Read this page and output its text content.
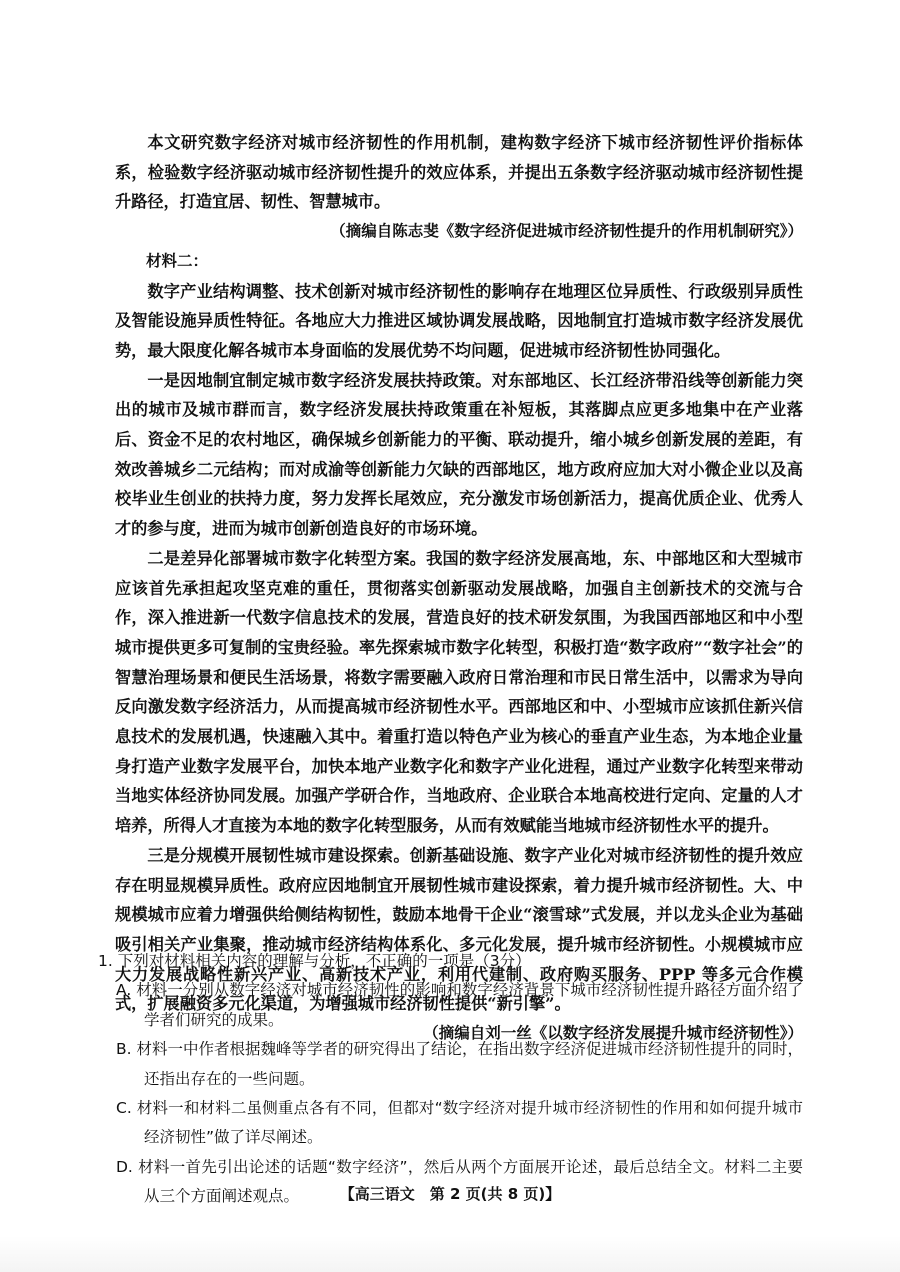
本文研究数字经济对城市经济韧性的作用机制，建构数字经济下城市经济韧性评价指标体系，检验数字经济驱动城市经济韧性提升的效应体系，并提出五条数字经济驱动城市经济韧性提升路径，打造宜居、韧性、智慧城市。

（摘编自陈志斐《数字经济促进城市经济韧性提升的作用机制研究》）

材料二：

数字产业结构调整、技术创新对城市经济韧性的影响存在地理区位异质性、行政级别异质性及智能设施异质性特征。各地应大力推进区域协调发展战略，因地制宜打造城市数字经济发展优势，最大限度化解各城市本身面临的发展优势不均问题，促进城市经济韧性协同强化。

一是因地制宜制定城市数字经济发展扶持政策。对东部地区、长江经济带沿线等创新能力突出的城市及城市群而言，数字经济发展扶持政策重在补短板，其落脚点应更多地集中在产业落后、资金不足的农村地区，确保城乡创新能力的平衡、联动提升，缩小城乡创新发展的差距，有效改善城乡二元结构；而对成渝等创新能力欠缺的西部地区，地方政府应加大对小微企业以及高校毕业生创业的扶持力度，努力发挥长尾效应，充分激发市场创新活力，提高优质企业、优秀人才的参与度，进而为城市创新创造良好的市场环境。

二是差异化部署城市数字化转型方案。我国的数字经济发展高地，东、中部地区和大型城市应该首先承担起攻坚克难的重任，贯彻落实创新驱动发展战略，加强自主创新技术的交流与合作，深入推进新一代数字信息技术的发展，营造良好的技术研发氛围，为我国西部地区和中小型城市提供更多可复制的宝贵经验。率先探索城市数字化转型，积极打造“数字政府”“数字社会”的智慧治理场景和便民生活场景，将数字需要融入政府日常治理和市民日常生活中，以需求为导向反向激发数字经济活力，从而提高城市经济韧性水平。西部地区和中、小型城市应该抓住新兴信息技术的发展机遇，快速融入其中。着重打造以特色产业为核心的垂直产业生态，为本地企业量身打造产业数字发展平台，加快本地产业数字化和数字产业化进程，通过产业数字化转型来带动当地实体经济协同发展。加强产学研合作，当地政府、企业联合本地高校进行定向、定量的人才培养，所得人才直接为本地的数字化转型服务，从而有效赋能当地城市经济韧性水平的提升。

三是分规模开展韧性城市建设探索。创新基础设施、数字产业化对城市经济韧性的提升效应存在明显规模异质性。政府应因地制宜开展韧性城市建设探索，着力提升城市经济韧性。大、中规模城市应着力增强供给侧结构韧性，鼓励本地骨干企业“滚雪球”式发展，并以龙头企业为基础吸引相关产业集聚，推动城市经济结构体系化、多元化发展，提升城市经济韧性。小规模城市应大力发展战略性新兴产业、高新技术产业，利用代建制、政府购买服务、PPP 等多元合作模式，扩展融资多元化渠道，为增强城市经济韧性提供“新引擎”。

（摘编自刘一丝《以数字经济发展提升城市经济韧性》）

1. 下列对材料相关内容的理解与分析，不正确的一项是（3分）

A. 材料一分别从数字经济对城市经济韧性的影响和数字经济背景下城市经济韧性提升路径方面介绍了学者们研究的成果。

B. 材料一中作者根据魏峰等学者的研究得出了结论，在指出数字经济促进城市经济韧性提升的同时，还指出存在的一些问题。

C. 材料一和材料二虽侧重点各有不同，但都对“数字经济对提升城市经济韧性的作用和如何提升城市经济韧性”做了详尽阐述。

D. 材料一首先引出论述的话题“数字经济”，然后从两个方面展开论述，最后总结全文。材料二主要从三个方面阐述观点。	【高三语文　第 2 页(共 8 页)】
